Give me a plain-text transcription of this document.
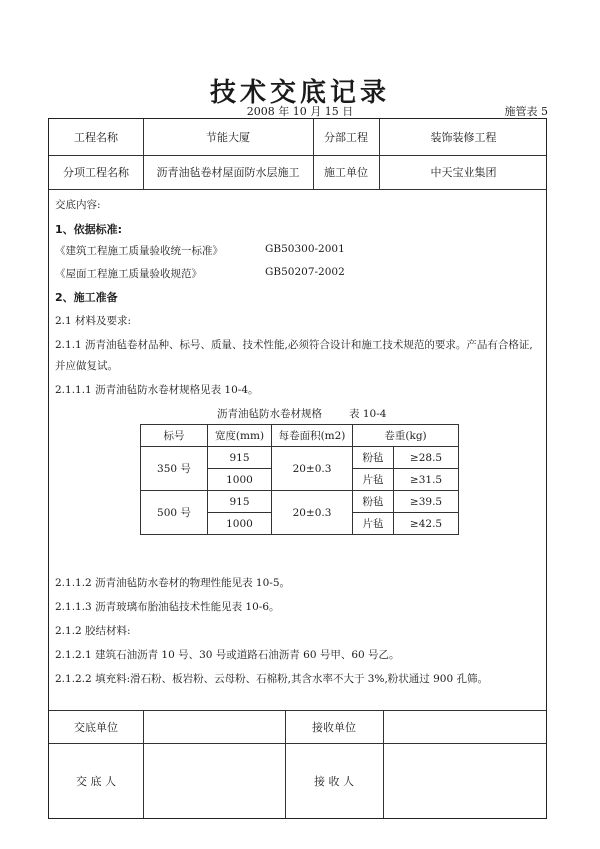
技术交底记录
2008 年 10 月 15 日	施管表 5
工程名称	节能大厦	分部工程	装饰装修工程
分项工程名称	沥青油毡卷材屋面防水层施工	施工单位	中天宝业集团
交底内容:
1、依据标准:
《建筑工程施工质量验收统一标准》	GB50300-2001
《屋面工程施工质量验收规范》	GB50207-2002
2、施工准备
2.1 材料及要求:
2.1.1 沥青油毡卷材品种、标号、质量、技术性能,必须符合设计和施工技术规范的要求。产品有合格证,
并应做复试。
2.1.1.1 沥青油毡防水卷材规格见表 10-4。
沥青油毡防水卷材规格	表 10-4
标号	宽度(mm)	每卷面积(m2)	卷重(kg)	
350 号	915	20±0.3	粉毡	≥28.5
	1000		片毡	≥31.5
500 号	915	20±0.3	粉毡	≥39.5
	1000		片毡	≥42.5
2.1.1.2 沥青油毡防水卷材的物理性能见表 10-5。
2.1.1.3 沥青玻璃布胎油毡技术性能见表 10-6。
2.1.2 胶结材料:
2.1.2.1 建筑石油沥青 10 号、30 号或道路石油沥青 60 号甲、60 号乙。
2.1.2.2 填充料:滑石粉、板岩粉、云母粉、石棉粉,其含水率不大于 3%,粉状通过 900 孔筛。
交底单位	接收单位
交 底 人	接 收 人
